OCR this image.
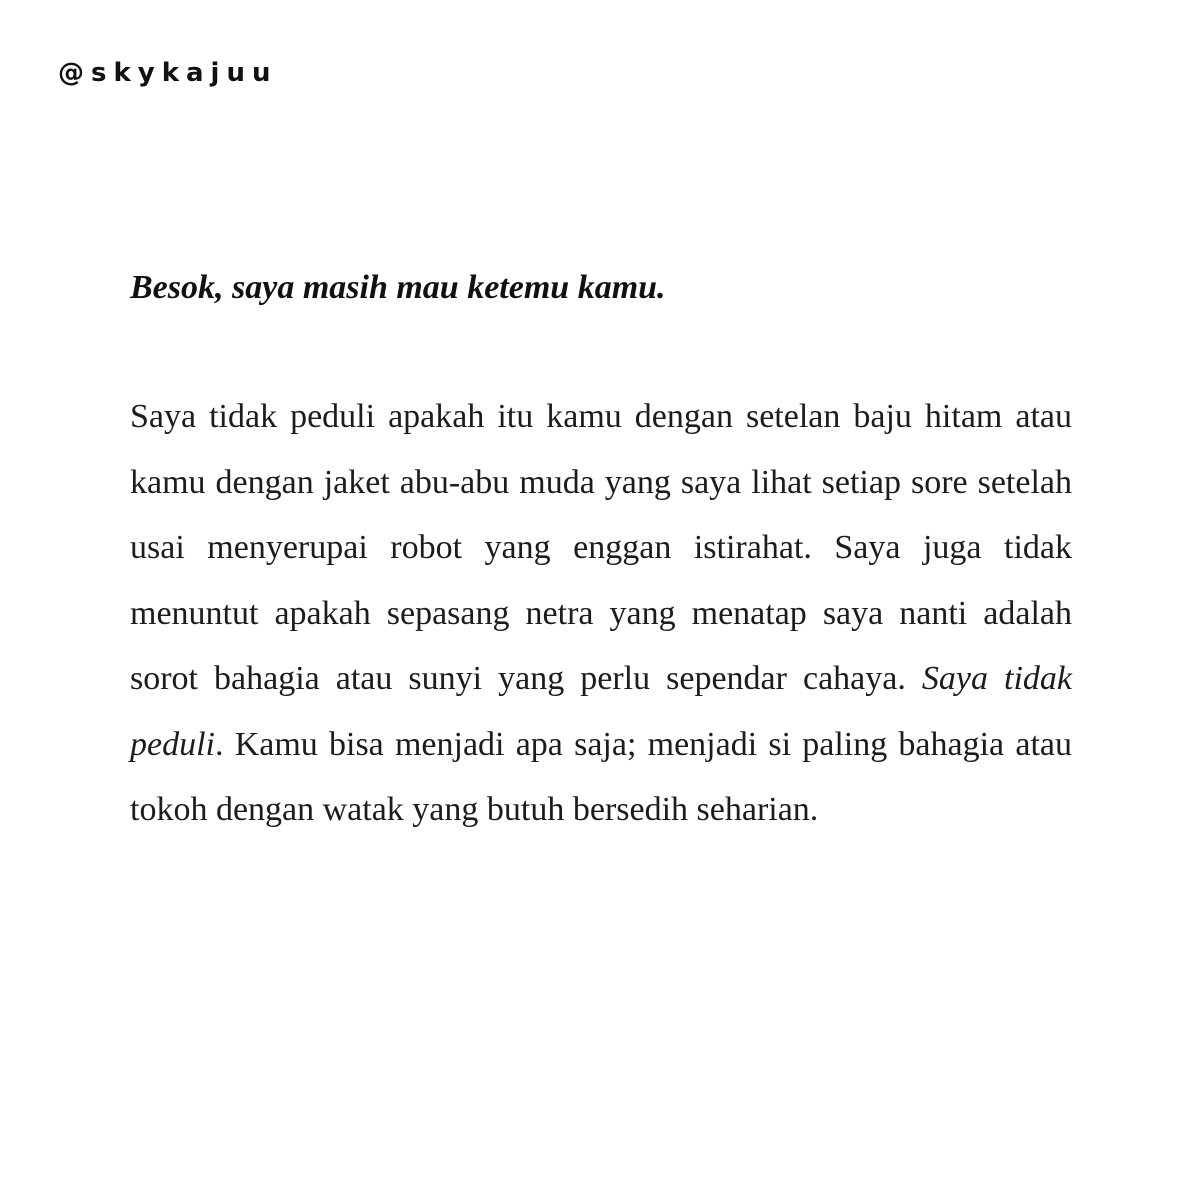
@skykajuu

Besok, saya masih mau ketemu kamu.

Saya tidak peduli apakah itu kamu dengan setelan baju hitam atau kamu dengan jaket abu-abu muda yang saya lihat setiap sore setelah usai menyerupai robot yang enggan istirahat. Saya juga tidak menuntut apakah sepasang netra yang menatap saya nanti adalah sorot bahagia atau sunyi yang perlu sependar cahaya. Saya tidak peduli. Kamu bisa menjadi apa saja; menjadi si paling bahagia atau tokoh dengan watak yang butuh bersedih seharian.
